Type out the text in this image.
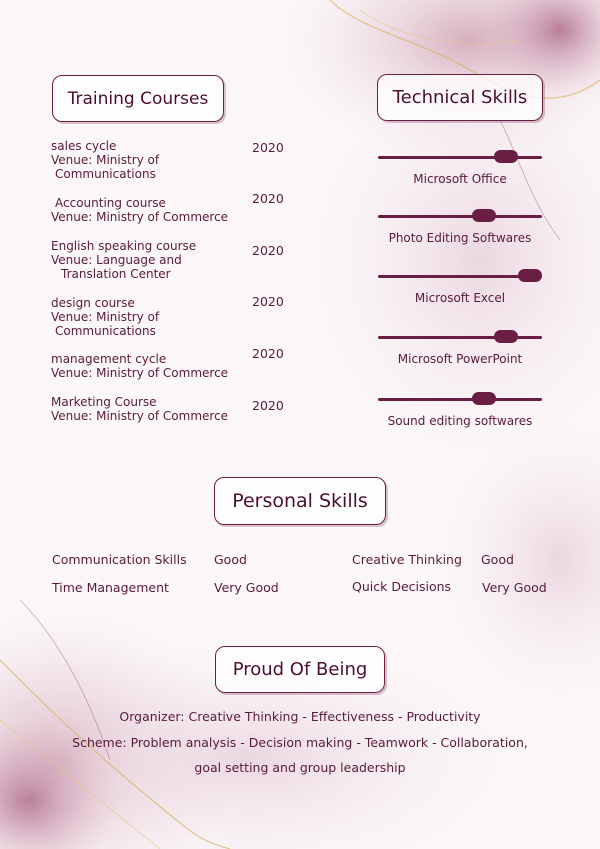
Training Courses	Technical Skills
sales cycle
Venue: Ministry of
Communications
2020
Accounting course
Venue: Ministry of Commerce
2020
English speaking course
Venue: Language and
Translation Center
2020
design course
Venue: Ministry of
Communications
2020
management cycle
Venue: Ministry of Commerce
2020
Marketing Course
Venue: Ministry of Commerce
2020
Microsoft Office
Photo Editing Softwares
Microsoft Excel
Microsoft PowerPoint
Sound editing softwares
Personal Skills
Communication Skills Good	Creative Thinking Good
Time Management	Very Good	Quick Decisions Very Good
Proud Of Being
Organizer: Creative Thinking - Effectiveness - Productivity
Scheme: Problem analysis - Decision making - Teamwork - Collaboration,
goal setting and group leadership
